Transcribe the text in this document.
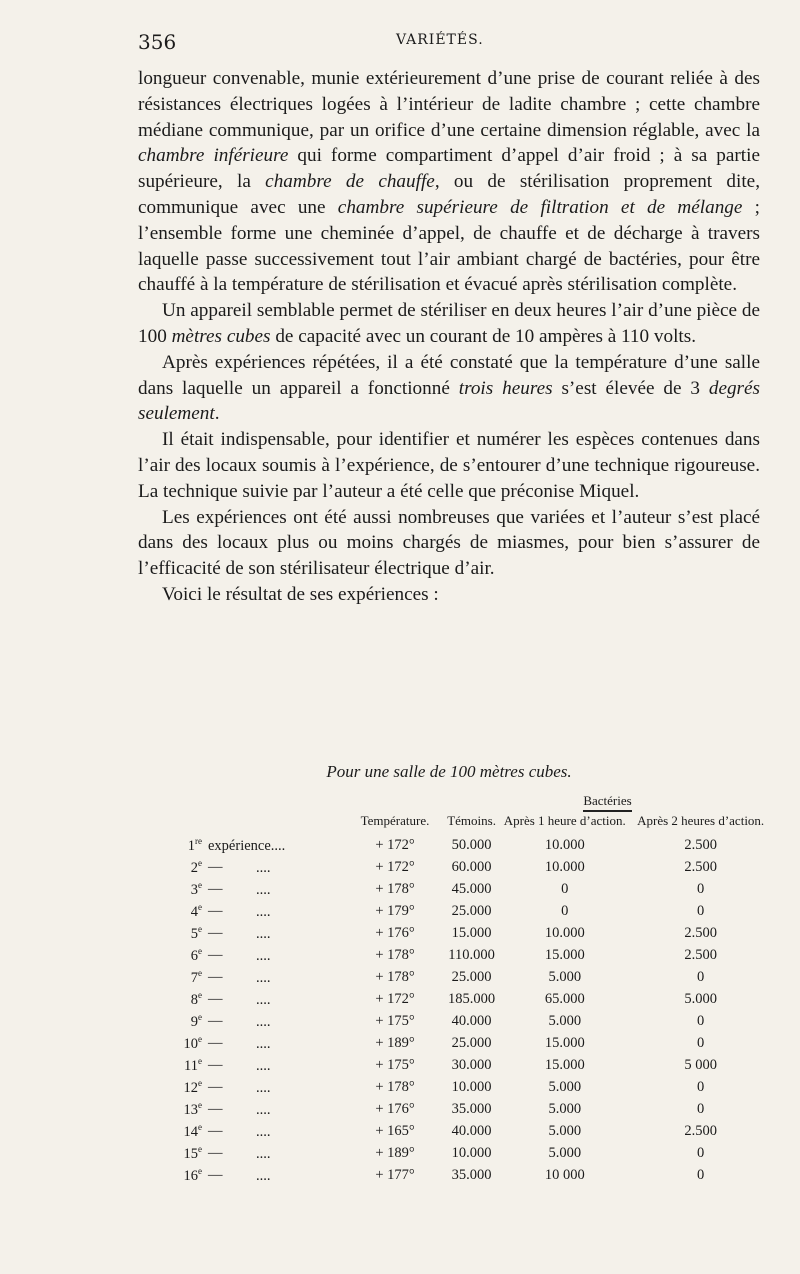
356	VARIÉTÉS.

longueur convenable, munie extérieurement d’une prise de courant reliée à des résistances électriques logées à l’intérieur de ladite chambre ; cette chambre médiane communique, par un orifice d’une certaine dimension réglable, avec la chambre inférieure qui forme compartiment d’appel d’air froid ; à sa partie supérieure, la chambre de chauffe, ou de stérilisation proprement dite, communique avec une chambre supérieure de filtration et de mélange ; l’ensemble forme une cheminée d’appel, de chauffe et de décharge à travers laquelle passe successivement tout l’air ambiant chargé de bactéries, pour être chauffé à la température de stérilisation et évacué après stérilisation complète.

Un appareil semblable permet de stériliser en deux heures l’air d’une pièce de 100 mètres cubes de capacité avec un courant de 10 ampères à 110 volts.

Après expériences répétées, il a été constaté que la température d’une salle dans laquelle un appareil a fonctionné trois heures s’est élevée de 3 degrés seulement.

Il était indispensable, pour identifier et numérer les espèces contenues dans l’air des locaux soumis à l’expérience, de s’entourer d’une technique rigoureuse. La technique suivie par l’auteur a été celle que préconise Miquel.

Les expériences ont été aussi nombreuses que variées et l’auteur s’est placé dans des locaux plus ou moins chargés de miasmes, pour bien s’assurer de l’efficacité de son stérilisateur électrique d’air.

Voici le résultat de ses expériences :

Pour une salle de 100 mètres cubes.
		Bactéries		
	Température.	Témoins.	Après 1 heure d’action.	Après 2 heures d’action.
1re expérience....	+ 172°	50.000	10.000	2.500
2e — ....	+ 172°	60.000	10.000	2.500
3e — ....	+ 178°	45.000	0	0
4e — ....	+ 179°	25.000	0	0
5e — ....	+ 176°	15.000	10.000	2.500
6e — ....	+ 178°	110.000	15.000	2.500
7e — ....	+ 178°	25.000	5.000	0
8e — ....	+ 172°	185.000	65.000	5.000
9e — ....	+ 175°	40.000	5.000	0
10e — ....	+ 189°	25.000	15.000	0
11e — ....	+ 175°	30.000	15.000	5 000
12e — ....	+ 178°	10.000	5.000	0
13e — ....	+ 176°	35.000	5.000	0
14e — ....	+ 165°	40.000	5.000	2.500
15e — ....	+ 189°	10.000	5.000	0
16e — ....	+ 177°	35.000	10 000	0
